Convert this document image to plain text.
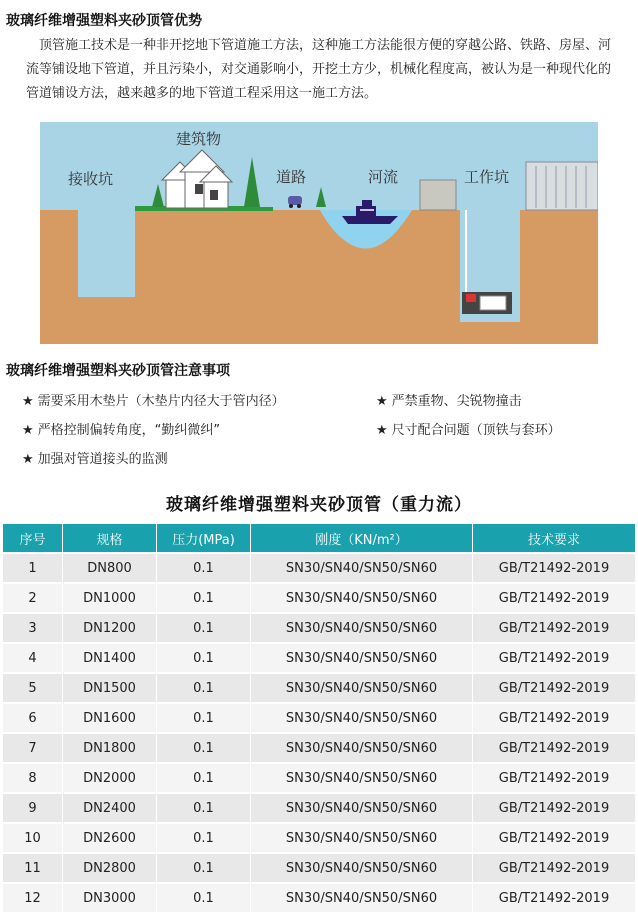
玻璃纤维增强塑料夹砂顶管优势
顶管施工技术是一种非开挖地下管道施工方法，这种施工方法能很方便的穿越公路、铁路、房屋、河流等铺设地下管道，并且污染小，对交通影响小，开挖土方少，机械化程度高，被认为是一种现代化的管道铺设方法，越来越多的地下管道工程采用这一施工方法。
接收坑
建筑物
道路	河流	工作坑
玻璃纤维增强塑料夹砂顶管注意事项
★ 需要采用木垫片（木垫片内径大于管内径）	★ 严禁重物、尖锐物撞击
★ 严格控制偏转角度，“勤纠微纠”	★ 尺寸配合问题（顶铁与套环）
★ 加强对管道接头的监测
玻璃纤维增强塑料夹砂顶管（重力流）
序号	规格	压力(MPa)	刚度（KN/m²）	技术要求
1	DN800	0.1	SN30/SN40/SN50/SN60	GB/T21492-2019
2	DN1000	0.1	SN30/SN40/SN50/SN60	GB/T21492-2019
3	DN1200	0.1	SN30/SN40/SN50/SN60	GB/T21492-2019
4	DN1400	0.1	SN30/SN40/SN50/SN60	GB/T21492-2019
5	DN1500	0.1	SN30/SN40/SN50/SN60	GB/T21492-2019
6	DN1600	0.1	SN30/SN40/SN50/SN60	GB/T21492-2019
7	DN1800	0.1	SN30/SN40/SN50/SN60	GB/T21492-2019
8	DN2000	0.1	SN30/SN40/SN50/SN60	GB/T21492-2019
9	DN2400	0.1	SN30/SN40/SN50/SN60	GB/T21492-2019
10	DN2600	0.1	SN30/SN40/SN50/SN60	GB/T21492-2019
11	DN2800	0.1	SN30/SN40/SN50/SN60	GB/T21492-2019
12	DN3000	0.1	SN30/SN40/SN50/SN60	GB/T21492-2019
